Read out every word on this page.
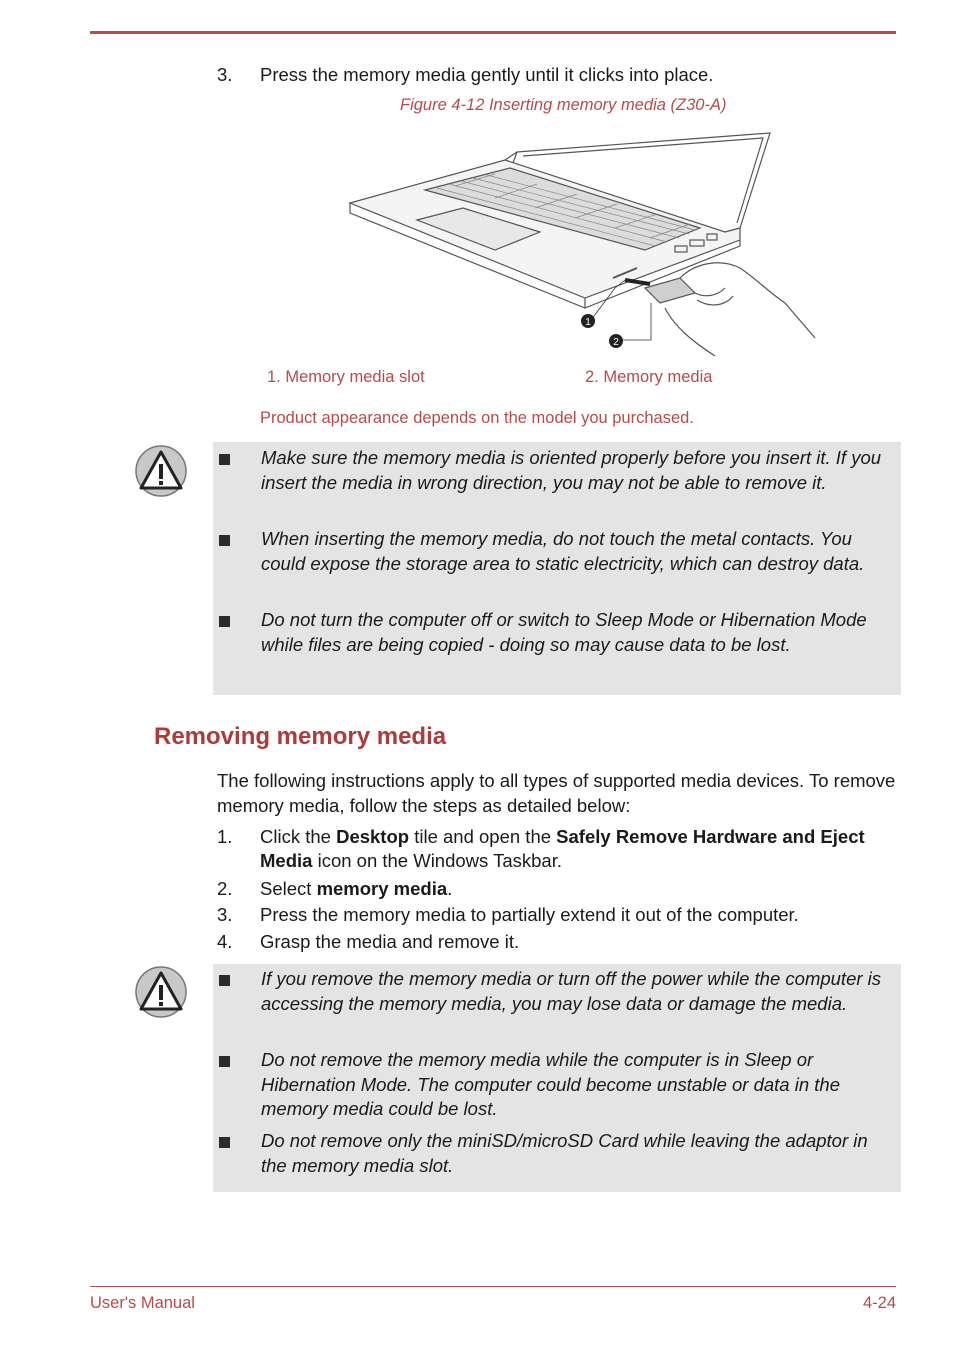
3. Press the memory media gently until it clicks into place.
Figure 4-12 Inserting memory media (Z30-A)
1
2
1. Memory media slot	2. Memory media
Product appearance depends on the model you purchased.
Make sure the memory media is oriented properly before you insert it. If you insert the media in wrong direction, you may not be able to remove it.
When inserting the memory media, do not touch the metal contacts. You could expose the storage area to static electricity, which can destroy data.
Do not turn the computer off or switch to Sleep Mode or Hibernation Mode while files are being copied - doing so may cause data to be lost.
Removing memory media
The following instructions apply to all types of supported media devices. To remove memory media, follow the steps as detailed below:
1. Click the Desktop tile and open the Safely Remove Hardware and Eject Media icon on the Windows Taskbar.
2. Select memory media.
3. Press the memory media to partially extend it out of the computer.
4. Grasp the media and remove it.
If you remove the memory media or turn off the power while the computer is accessing the memory media, you may lose data or damage the media.
Do not remove the memory media while the computer is in Sleep or Hibernation Mode. The computer could become unstable or data in the memory media could be lost.
Do not remove only the miniSD/microSD Card while leaving the adaptor in the memory media slot.
User's Manual	4-24
